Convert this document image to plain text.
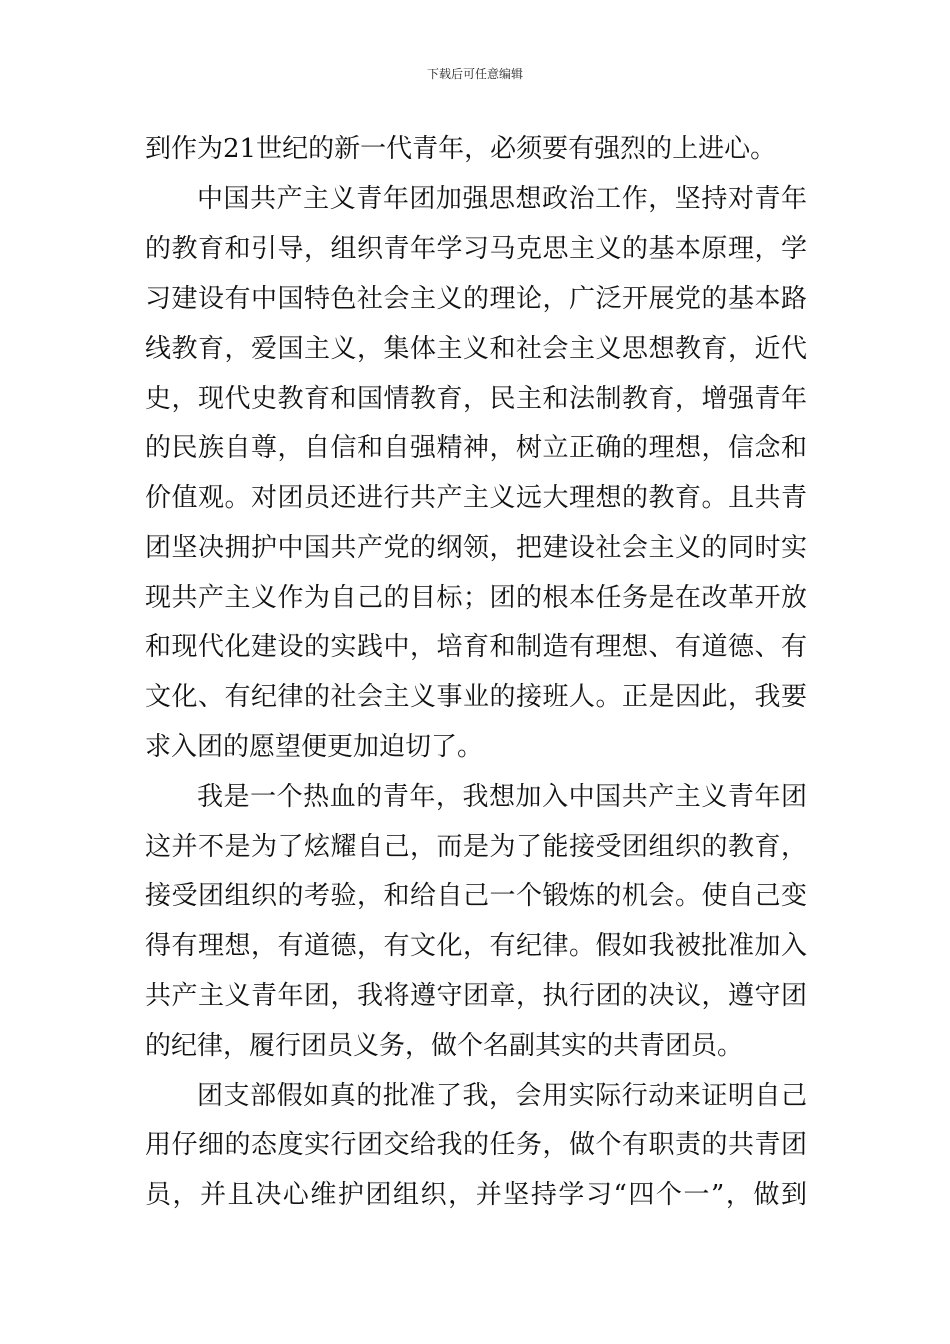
下载后可任意编辑
到作为21世纪的新一代青年，必须要有强烈的上进心。
中国共产主义青年团加强思想政治工作，坚持对青年
的教育和引导，组织青年学习马克思主义的基本原理，学
习建设有中国特色社会主义的理论，广泛开展党的基本路
线教育，爱国主义，集体主义和社会主义思想教育，近代
史，现代史教育和国情教育，民主和法制教育，增强青年
的民族自尊，自信和自强精神，树立正确的理想，信念和
价值观。对团员还进行共产主义远大理想的教育。且共青
团坚决拥护中国共产党的纲领，把建设社会主义的同时实
现共产主义作为自己的目标；团的根本任务是在改革开放
和现代化建设的实践中，培育和制造有理想、有道德、有
文化、有纪律的社会主义事业的接班人。正是因此，我要
求入团的愿望便更加迫切了。
我是一个热血的青年，我想加入中国共产主义青年团
这并不是为了炫耀自己，而是为了能接受团组织的教育，
接受团组织的考验，和给自己一个锻炼的机会。使自己变
得有理想，有道德，有文化，有纪律。假如我被批准加入
共产主义青年团，我将遵守团章，执行团的决议，遵守团
的纪律，履行团员义务，做个名副其实的共青团员。
团支部假如真的批准了我，会用实际行动来证明自己
用仔细的态度实行团交给我的任务，做个有职责的共青团
员，并且决心维护团组织，并坚持学习“四个一”，做到
